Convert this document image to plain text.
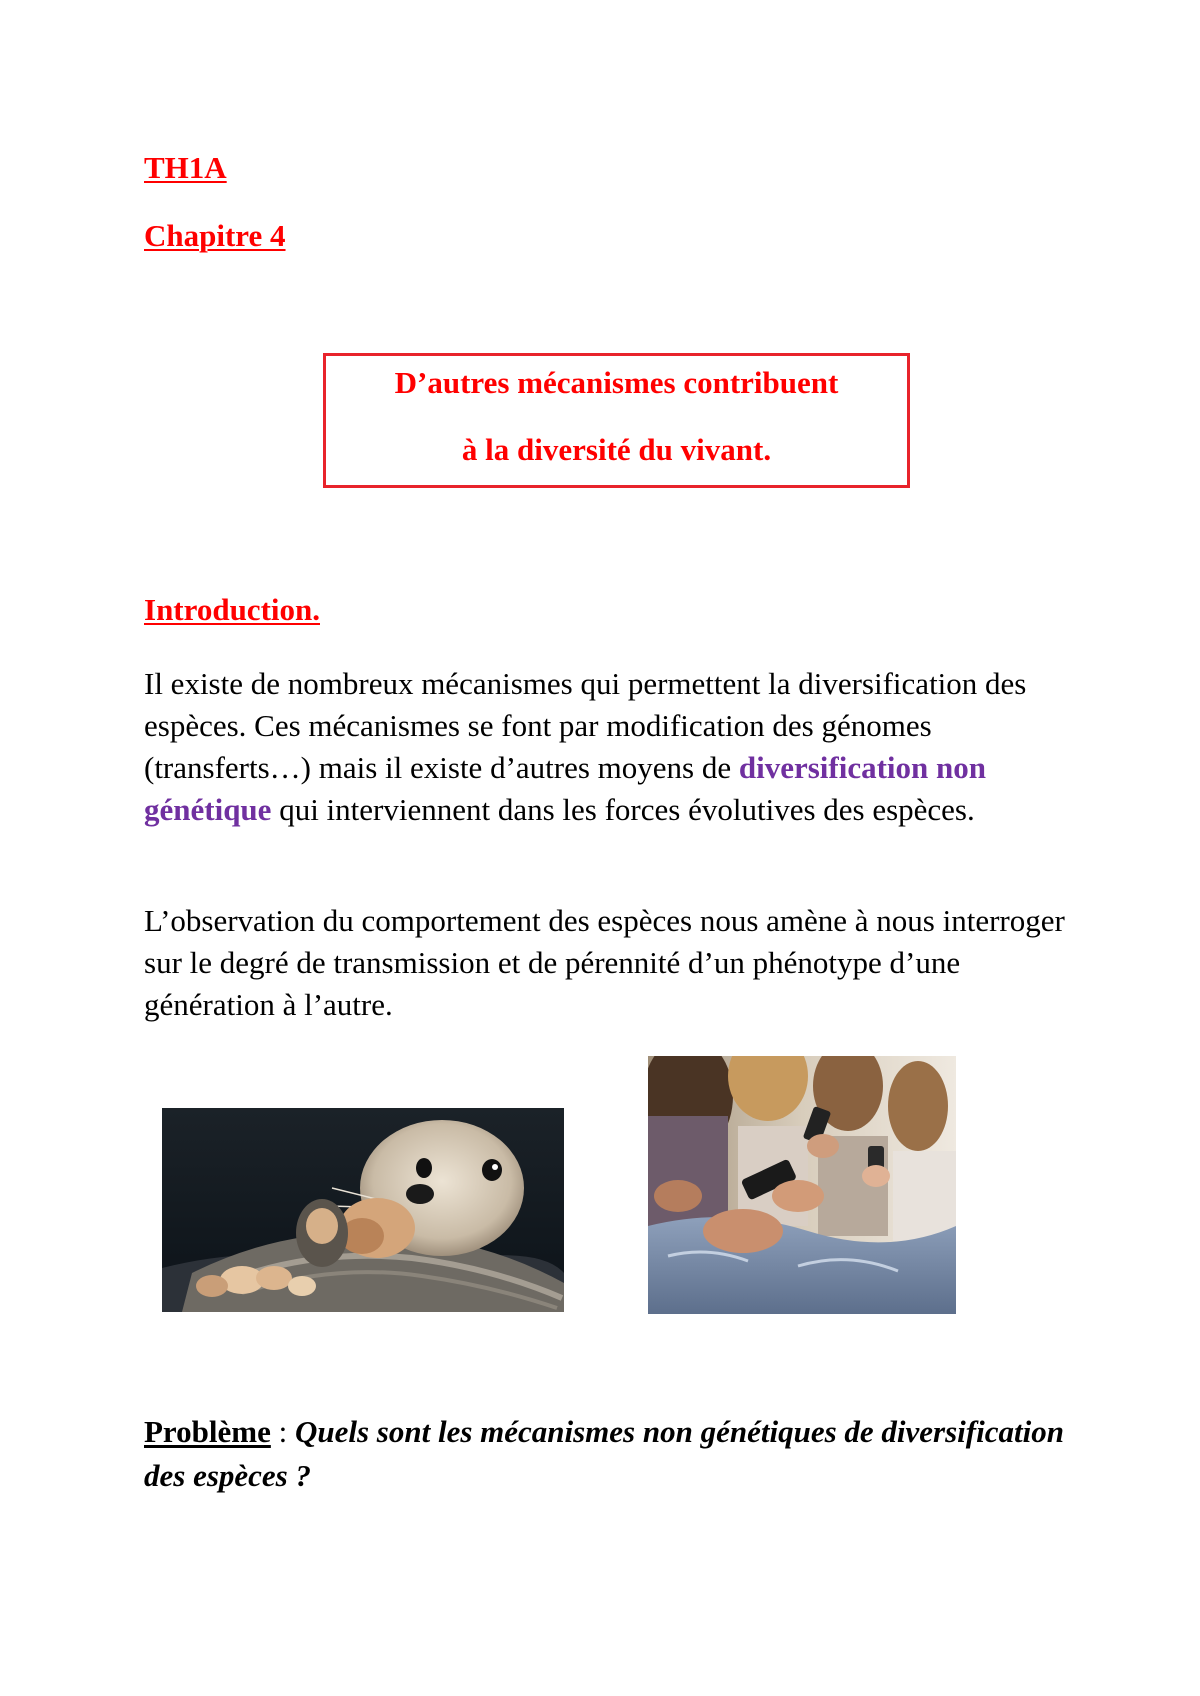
TH1A
Chapitre 4
D’autres mécanismes contribuent
à la diversité du vivant.
Introduction.

Il existe de nombreux mécanismes qui permettent la diversification des espèces. Ces mécanismes se font par modification des génomes (transferts…) mais il existe d’autres moyens de diversification non génétique qui interviennent dans les forces évolutives des espèces.

L’observation du comportement des espèces nous amène à nous interroger sur le degré de transmission et de pérennité d’un phénotype d’une génération à l’autre.

Problème : Quels sont les mécanismes non génétiques de diversification des espèces ?
